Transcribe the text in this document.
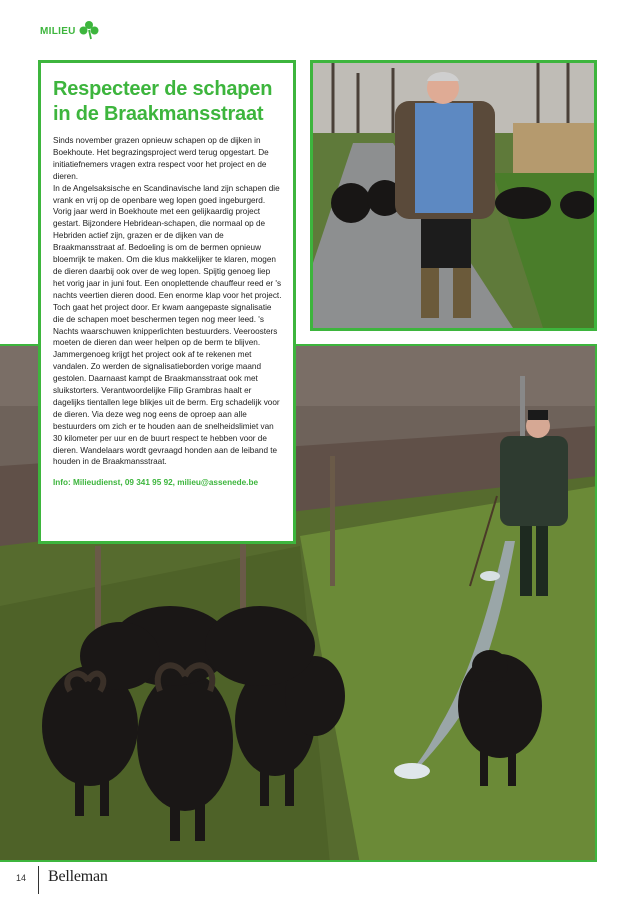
MILIEU
Respecteer de schapen
in de Braakmansstraat

Sinds november grazen opnieuw schapen op de dijken in Boekhoute. Het begrazingsproject werd terug opgestart. De initiatiefnemers vragen extra respect voor het project en de dieren.
In de Angelsaksische en Scandinavische land zijn schapen die vrank en vrij op de openbare weg lopen goed ingeburgerd. Vorig jaar werd in Boekhoute met een gelijkaardig project gestart. Bijzondere Hebridean-schapen, die normaal op de Hebriden actief zijn, grazen er de dijken van de Braakmansstraat af. Bedoeling is om de bermen opnieuw bloemrijk te maken. Om die klus makkelijker te klaren, mogen de dieren daarbij ook over de weg lopen. Spijtig genoeg liep het vorig jaar in juni fout. Een onoplettende chauffeur reed er 's nachts veertien dieren dood. Een enorme klap voor het project. Toch gaat het project door. Er kwam aangepaste signalisatie die de schapen moet beschermen tegen nog meer leed. 's Nachts waarschuwen knipperlichten bestuurders. Veeroosters moeten de dieren dan weer helpen op de berm te blijven. Jammergenoeg krijgt het project ook af te rekenen met vandalen. Zo werden de signalisatieborden vorige maand gestolen. Daarnaast kampt de Braakmansstraat ook met sluikstorters. Verantwoordelijke Filip Grambras haalt er dagelijks tientallen lege blikjes uit de berm. Erg schadelijk voor de dieren. Via deze weg nog eens de oproep aan alle bestuurders om zich er te houden aan de snelheidslimiet van 30 kilometer per uur en de buurt respect te hebben voor de dieren. Wandelaars wordt gevraagd honden aan de leiband te houden in de Braakmansstraat.

Info: Milieudienst, 09 341 95 92, milieu@assenede.be

14 Belleman
